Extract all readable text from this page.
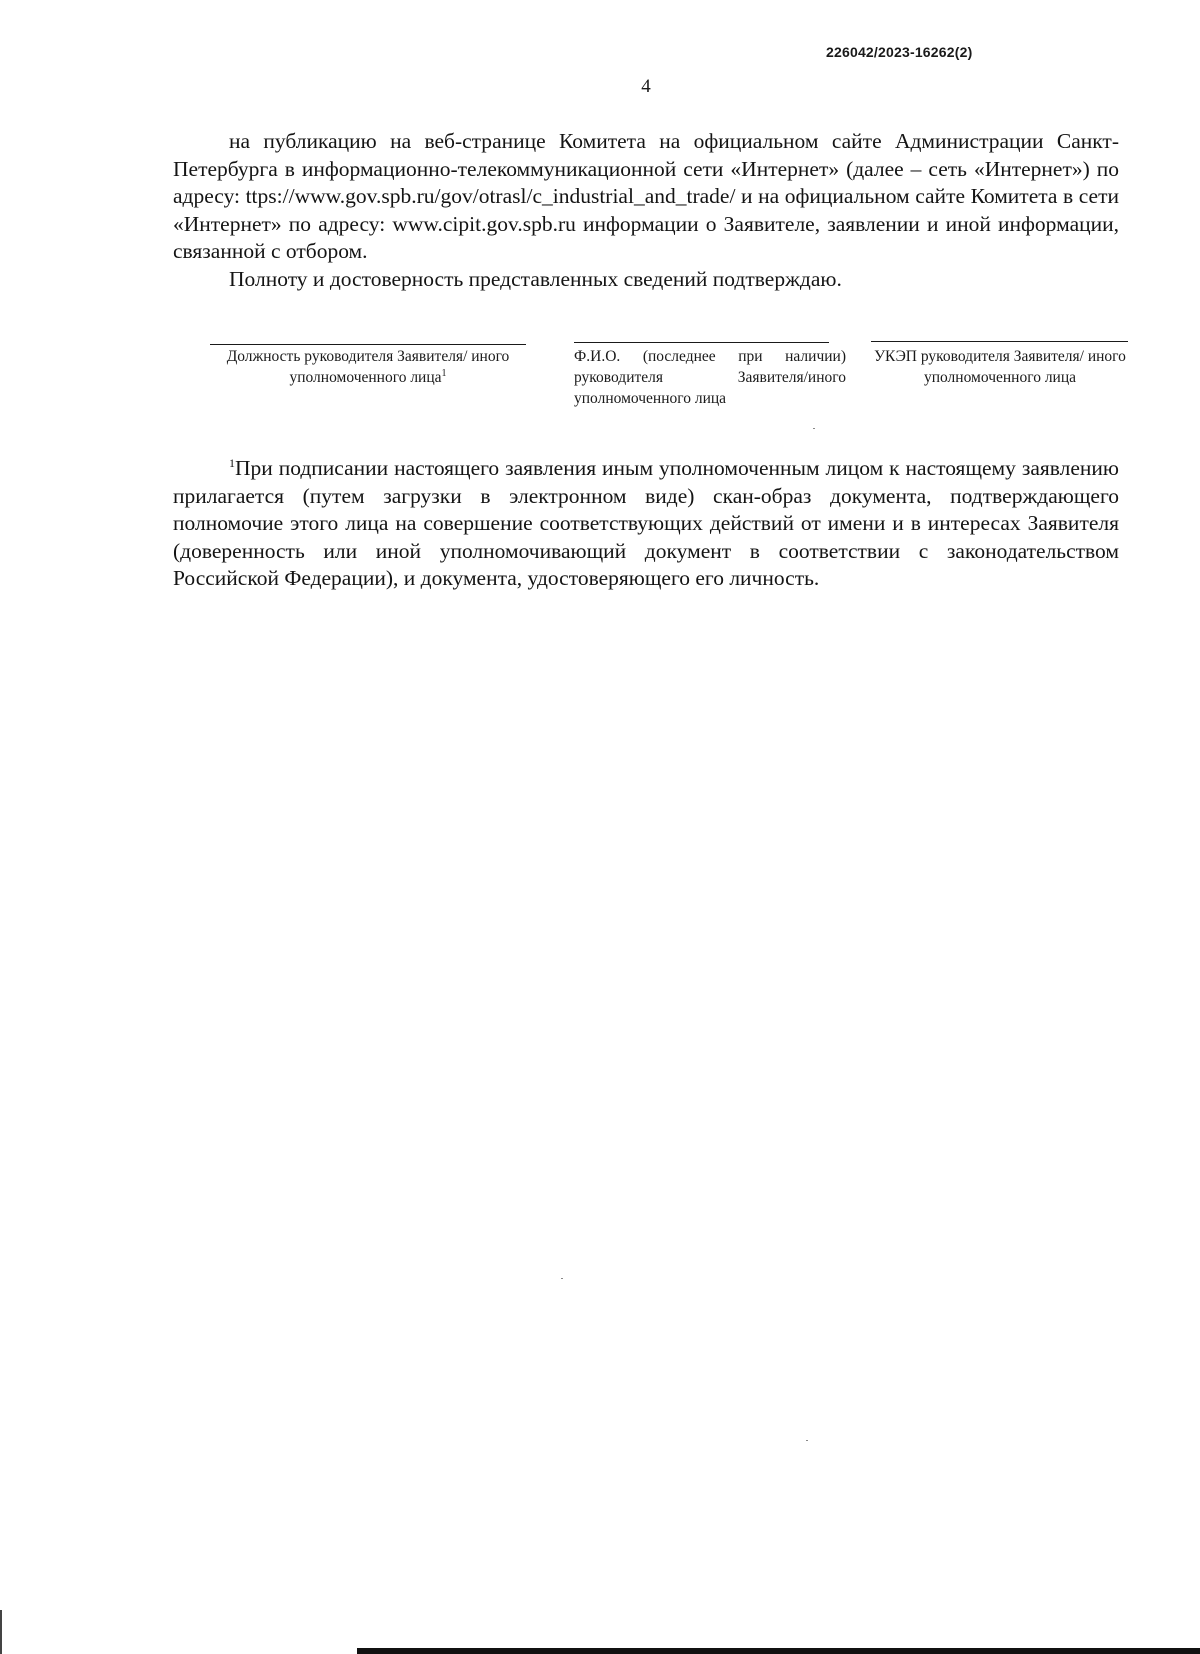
226042/2023-16262(2)
4

на публикацию на веб-странице Комитета на официальном сайте Администрации Санкт-Петербурга в информационно-телекоммуникационной сети «Интернет» (далее – сеть «Интернет») по адресу: ttps://www.gov.spb.ru/gov/otrasl/c_industrial_and_trade/ и на официальном сайте Комитета в сети «Интернет» по адресу: www.cipit.gov.spb.ru информации о Заявителе, заявлении и иной информации, связанной с отбором.

Полноту и достоверность представленных сведений подтверждаю.

Должность руководителя Заявителя/ иного уполномоченного лица$^1$
Ф.И.О. (последнее при наличии) руководителя Заявителя/иного уполномоченного лица
УКЭП руководителя Заявителя/ иного уполномоченного лица

$^1$При подписании настоящего заявления иным уполномоченным лицом к настоящему заявлению прилагается (путем загрузки в электронном виде) скан-образ документа, подтверждающего полномочие этого лица на совершение соответствующих действий от имени и в интересах Заявителя (доверенность или иной уполномочивающий документ в соответствии с законодательством Российской Федерации), и документа, удостоверяющего его личность.
